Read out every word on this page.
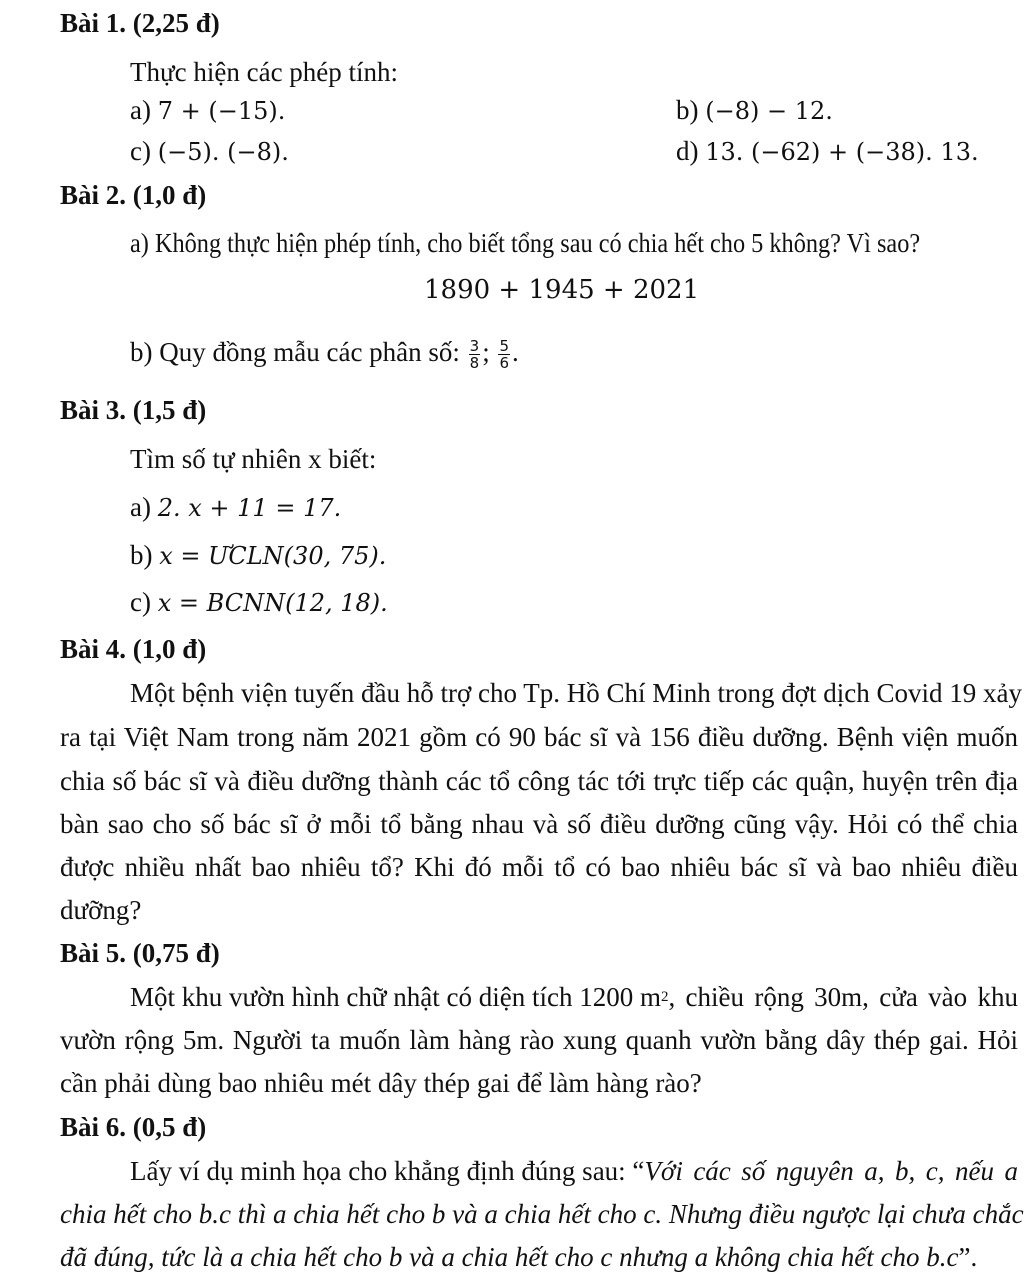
Bài 1. (2,25 đ)
Thực hiện các phép tính:
a) 7 + (−15).	b) (−8) − 12.
c) (−5). (−8).	d) 13. (−62) + (−38). 13.
Bài 2. (1,0 đ)
a) Không thực hiện phép tính, cho biết tổng sau có chia hết cho 5 không? Vì sao?
1890 + 1945 + 2021
b) Quy đồng mẫu các phân số: $\frac{3}{8}$ ; $\frac{5}{6}$ .
Bài 3. (1,5 đ)
Tìm số tự nhiên x biết:
a) 2. x + 11 = 17.
b) x = ƯCLN(30, 75).
c) x = BCNN(12, 18).
Bài 4. (1,0 đ)
Một bệnh viện tuyến đầu hỗ trợ cho Tp. Hồ Chí Minh trong đợt dịch Covid 19 xảy
ra tại Việt Nam trong năm 2021 gồm có 90 bác sĩ và 156 điều dưỡng. Bệnh viện muốn
chia số bác sĩ và điều dưỡng thành các tổ công tác tới trực tiếp các quận, huyện trên địa
bàn sao cho số bác sĩ ở mỗi tổ bằng nhau và số điều dưỡng cũng vậy. Hỏi có thể chia
được nhiều nhất bao nhiêu tổ? Khi đó mỗi tổ có bao nhiêu bác sĩ và bao nhiêu điều
dưỡng?
Bài 5. (0,75 đ)
Một khu vườn hình chữ nhật có diện tích 1200 m 2 , chiều rộng 30m, cửa vào khu
vườn rộng 5m. Người ta muốn làm hàng rào xung quanh vườn bằng dây thép gai. Hỏi
cần phải dùng bao nhiêu mét dây thép gai để làm hàng rào?
Bài 6. (0,5 đ)
Lấy ví dụ minh họa cho khẳng định đúng sau: “ Với các số nguyên a, b, c, nếu a
chia hết cho b.c thì a chia hết cho b và a chia hết cho c. Nhưng điều ngược lại chưa chắc
đã đúng, tức là a chia hết cho b và a chia hết cho c nhưng a không chia hết cho b.c”.
